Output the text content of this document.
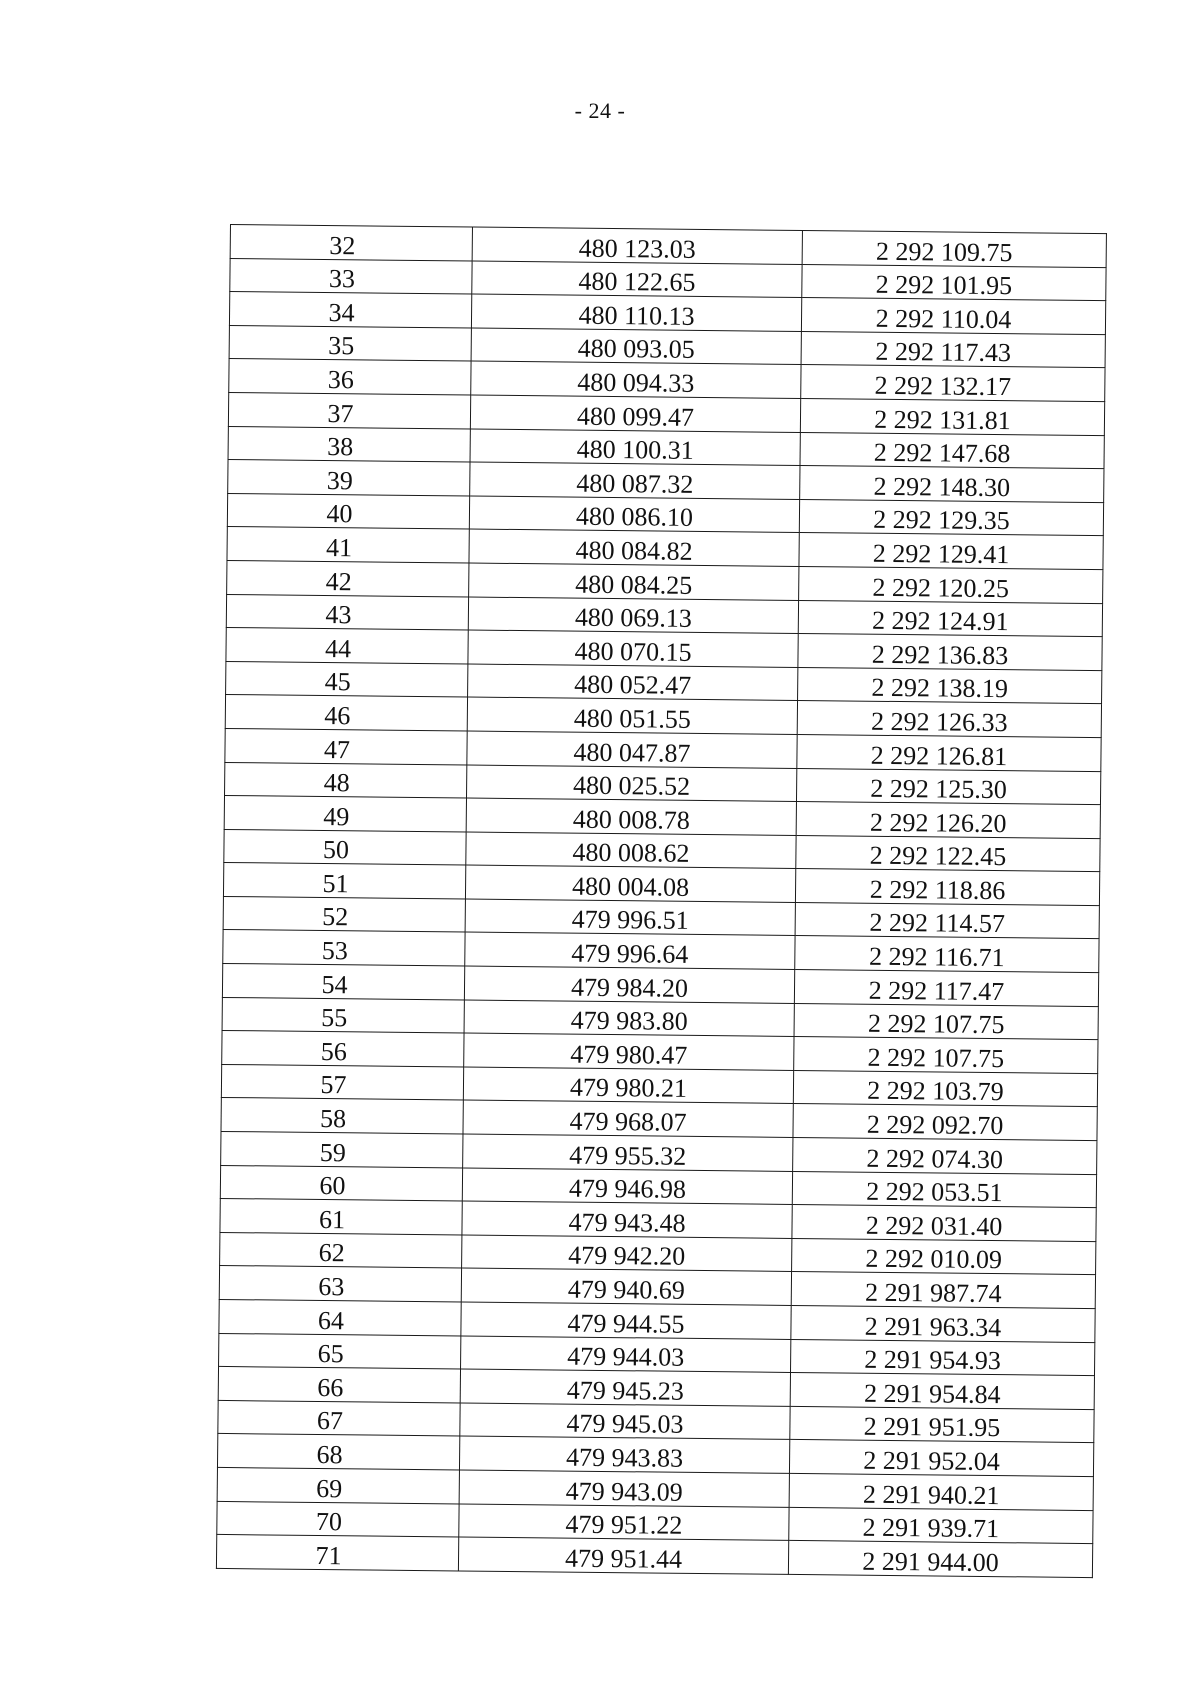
- 24 -
32	480 123.03	2 292 109.75
33	480 122.65	2 292 101.95
34	480 110.13	2 292 110.04
35	480 093.05	2 292 117.43
36	480 094.33	2 292 132.17
37	480 099.47	2 292 131.81
38	480 100.31	2 292 147.68
39	480 087.32	2 292 148.30
40	480 086.10	2 292 129.35
41	480 084.82	2 292 129.41
42	480 084.25	2 292 120.25
43	480 069.13	2 292 124.91
44	480 070.15	2 292 136.83
45	480 052.47	2 292 138.19
46	480 051.55	2 292 126.33
47	480 047.87	2 292 126.81
48	480 025.52	2 292 125.30
49	480 008.78	2 292 126.20
50	480 008.62	2 292 122.45
51	480 004.08	2 292 118.86
52	479 996.51	2 292 114.57
53	479 996.64	2 292 116.71
54	479 984.20	2 292 117.47
55	479 983.80	2 292 107.75
56	479 980.47	2 292 107.75
57	479 980.21	2 292 103.79
58	479 968.07	2 292 092.70
59	479 955.32	2 292 074.30
60	479 946.98	2 292 053.51
61	479 943.48	2 292 031.40
62	479 942.20	2 292 010.09
63	479 940.69	2 291 987.74
64	479 944.55	2 291 963.34
65	479 944.03	2 291 954.93
66	479 945.23	2 291 954.84
67	479 945.03	2 291 951.95
68	479 943.83	2 291 952.04
69	479 943.09	2 291 940.21
70	479 951.22	2 291 939.71
71	479 951.44	2 291 944.00
